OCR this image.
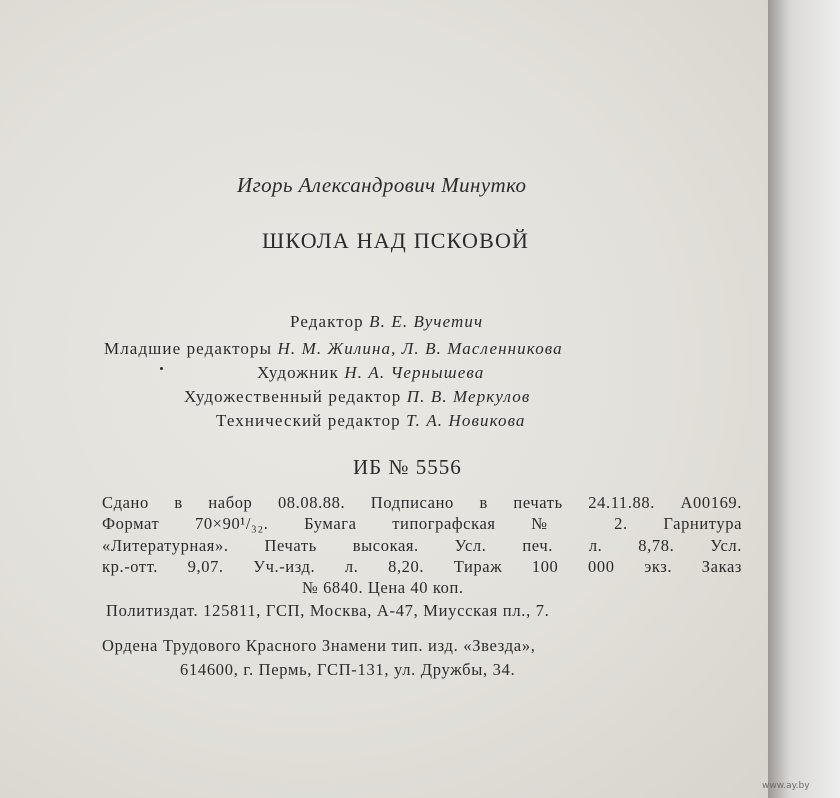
Игорь Александрович Минутко
ШКОЛА НАД ПСКОВОЙ
Редактор В. Е. Вучетич
Младшие редакторы Н. М. Жилина, Л. В. Масленникова
Художник Н. А. Чернышева
Художественный редактор П. В. Меркулов
Технический редактор Т. А. Новикова
ИБ № 5556
Сдано в набор 08.08.88. Подписано в печать 24.11.88. А00169.
Формат 70×90¹/₃₂. Бумага типографская № 2. Гарнитура
«Литературная». Печать высокая. Усл. печ. л. 8,78. Усл.
кр.-отт. 9,07. Уч.-изд. л. 8,20. Тираж 100 000 экз. Заказ
№ 6840. Цена 40 коп.
Политиздат. 125811, ГСП, Москва, А-47, Миусская пл., 7.
Ордена Трудового Красного Знамени тип. изд. «Звезда»,
614600, г. Пермь, ГСП-131, ул. Дружбы, 34.
www.ay.by
